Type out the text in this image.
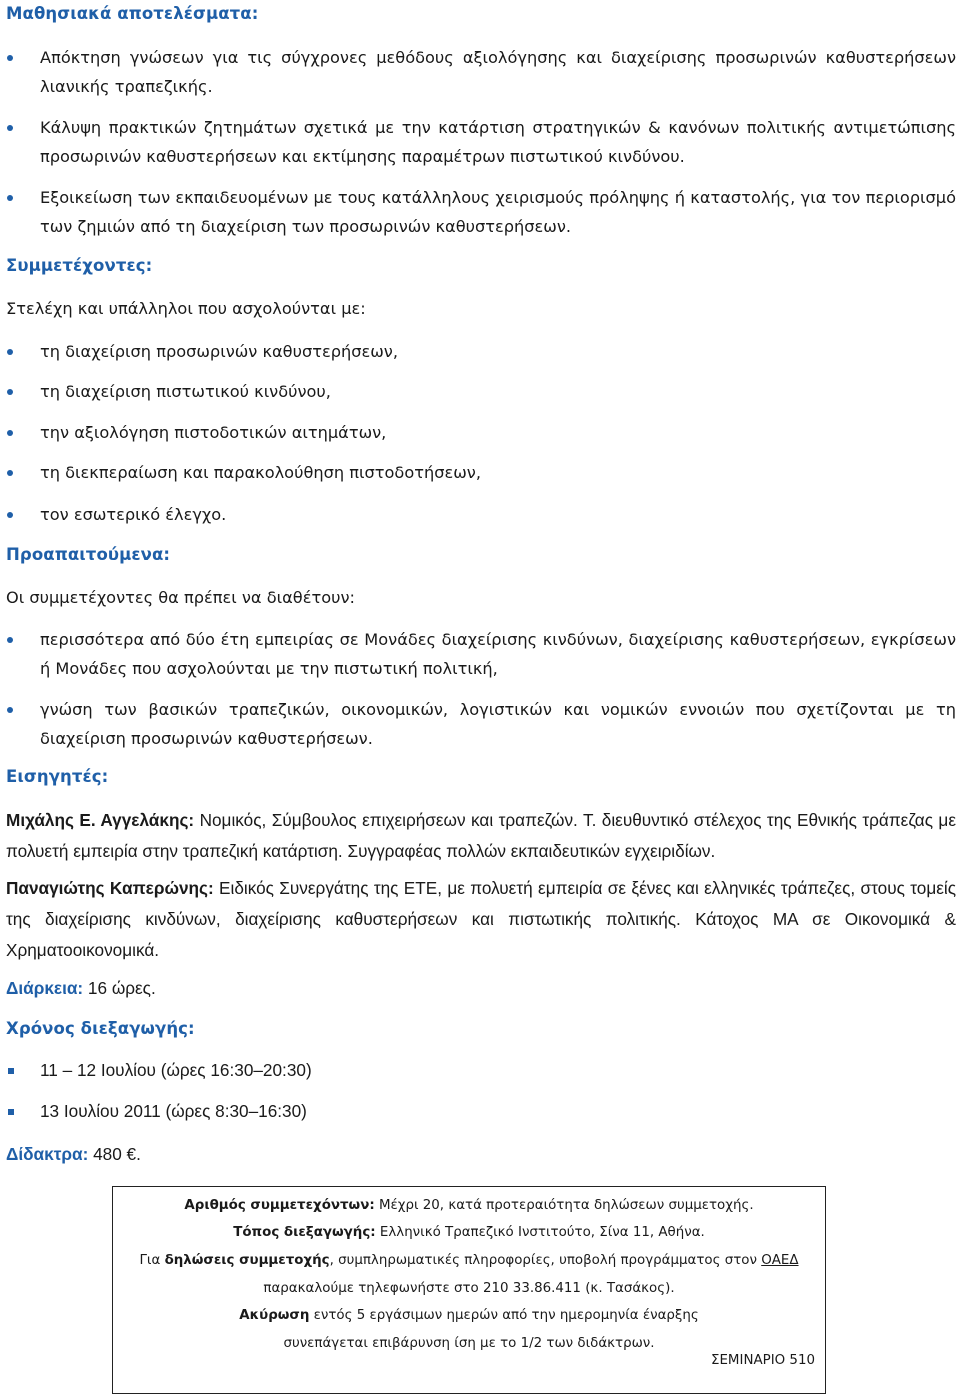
Μαθησιακά αποτελέσματα:
Απόκτηση γνώσεων για τις σύγχρονες μεθόδους αξιολόγησης και διαχείρισης προσωρινών καθυστερήσεων λιανικής τραπεζικής.
Κάλυψη πρακτικών ζητημάτων σχετικά με την κατάρτιση στρατηγικών & κανόνων πολιτικής αντιμετώπισης προσωρινών καθυστερήσεων και εκτίμησης παραμέτρων πιστωτικού κινδύνου.
Εξοικείωση των εκπαιδευομένων με τους κατάλληλους χειρισμούς πρόληψης ή καταστολής, για τον περιορισμό των ζημιών από τη διαχείριση των προσωρινών καθυστερήσεων.
Συμμετέχοντες:
Στελέχη και υπάλληλοι που ασχολούνται με:
τη διαχείριση προσωρινών καθυστερήσεων,
τη διαχείριση πιστωτικού κινδύνου,
την αξιολόγηση πιστοδοτικών αιτημάτων,
τη διεκπεραίωση και παρακολούθηση πιστοδοτήσεων,
τον εσωτερικό έλεγχο.
Προαπαιτούμενα:
Οι συμμετέχοντες θα πρέπει να διαθέτουν:
περισσότερα από δύο έτη εμπειρίας σε Μονάδες διαχείρισης κινδύνων, διαχείρισης καθυστερήσεων, εγκρίσεων ή Μονάδες που ασχολούνται με την πιστωτική πολιτική,
γνώση των βασικών τραπεζικών, οικονομικών, λογιστικών και νομικών εννοιών που σχετίζονται με τη διαχείριση προσωρινών καθυστερήσεων.
Εισηγητές:
Μιχάλης Ε. Αγγελάκης: Νομικός, Σύμβουλος επιχειρήσεων και τραπεζών. Τ. διευθυντικό στέλεχος της Εθνικής τράπεζας με πολυετή εμπειρία στην τραπεζική κατάρτιση. Συγγραφέας πολλών εκπαιδευτικών εγχειριδίων.
Παναγιώτης Καπερώνης: Ειδικός Συνεργάτης της ΕΤΕ, με πολυετή εμπειρία σε ξένες και ελληνικές τράπεζες, στους τομείς της διαχείρισης κινδύνων, διαχείρισης καθυστερήσεων και πιστωτικής πολιτικής. Κάτοχος ΜΑ σε Οικονομικά & Χρηματοοικονομικά.
Διάρκεια: 16 ώρες.
Χρόνος διεξαγωγής:
11 – 12 Ιουλίου (ώρες 16:30–20:30)
13 Ιουλίου 2011 (ώρες 8:30–16:30)
Δίδακτρα: 480 €.
Αριθμός συμμετεχόντων: Μέχρι 20, κατά προτεραιότητα δηλώσεων συμμετοχής.
Τόπος διεξαγωγής: Ελληνικό Τραπεζικό Ινστιτούτο, Σίνα 11, Αθήνα.
Για δηλώσεις συμμετοχής, συμπληρωματικές πληροφορίες, υποβολή προγράμματος στον ΟΑΕΔ
παρακαλούμε τηλεφωνήστε στο 210 33.86.411 (κ. Τασάκος).
Ακύρωση εντός 5 εργάσιμων ημερών από την ημερομηνία έναρξης
συνεπάγεται επιβάρυνση ίση με το 1/2 των διδάκτρων.
ΣΕΜΙΝΑΡΙΟ 510
